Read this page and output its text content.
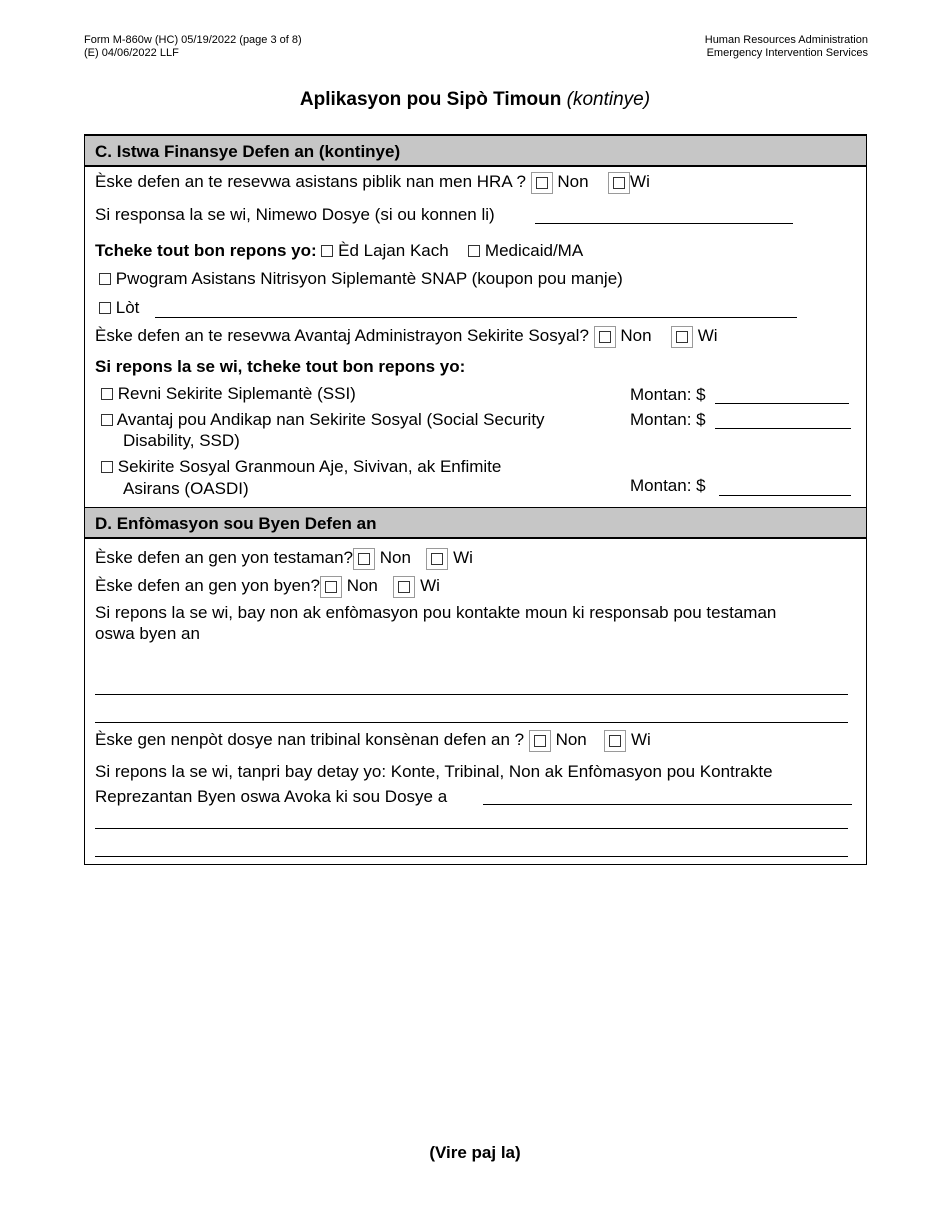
Form M-860w (HC) 05/19/2022 (page 3 of 8)
(E) 04/06/2022 LLF
Human Resources Administration
Emergency Intervention Services
Aplikasyon pou Sipò Timoun (kontinye)
C. Istwa Finansye Defen an (kontinye)
Èske defen an te resevwa asistans piblik nan men HRA ? Non Wi
Si responsa la se wi, Nimewo Dosye (si ou konnen li)
Tcheke tout bon repons yo: Èd Lajan Kach Medicaid/MA
Pwogram Asistans Nitrisyon Siplemantè SNAP (koupon pou manje)
Lòt
Èske defen an te resevwa Avantaj Administrayon Sekirite Sosyal? Non	Wi
Si repons la se wi, tcheke tout bon repons yo:
Revni Sekirite Siplemantè (SSI)	Montan: $
Avantaj pou Andikap nan Sekirite Sosyal (Social Security
Disability, SSD)
Montan: $
Sekirite Sosyal Granmoun Aje, Sivivan, ak Enfimite
Asirans (OASDI)	Montan: $
D. Enfòmasyon sou Byen Defen an
Èske defen an gen yon testaman? Non Wi
Èske defen an gen yon byen? Non Wi
Si repons la se wi, bay non ak enfòmasyon pou kontakte moun ki responsab pou testaman
oswa byen an
Èske gen nenpòt dosye nan tribinal konsènan defen an ? Non	Wi
Si repons la se wi, tanpri bay detay yo: Konte, Tribinal, Non ak Enfòmasyon pou Kontrakte
Reprezantan Byen oswa Avoka ki sou Dosye a
(Vire paj la)
